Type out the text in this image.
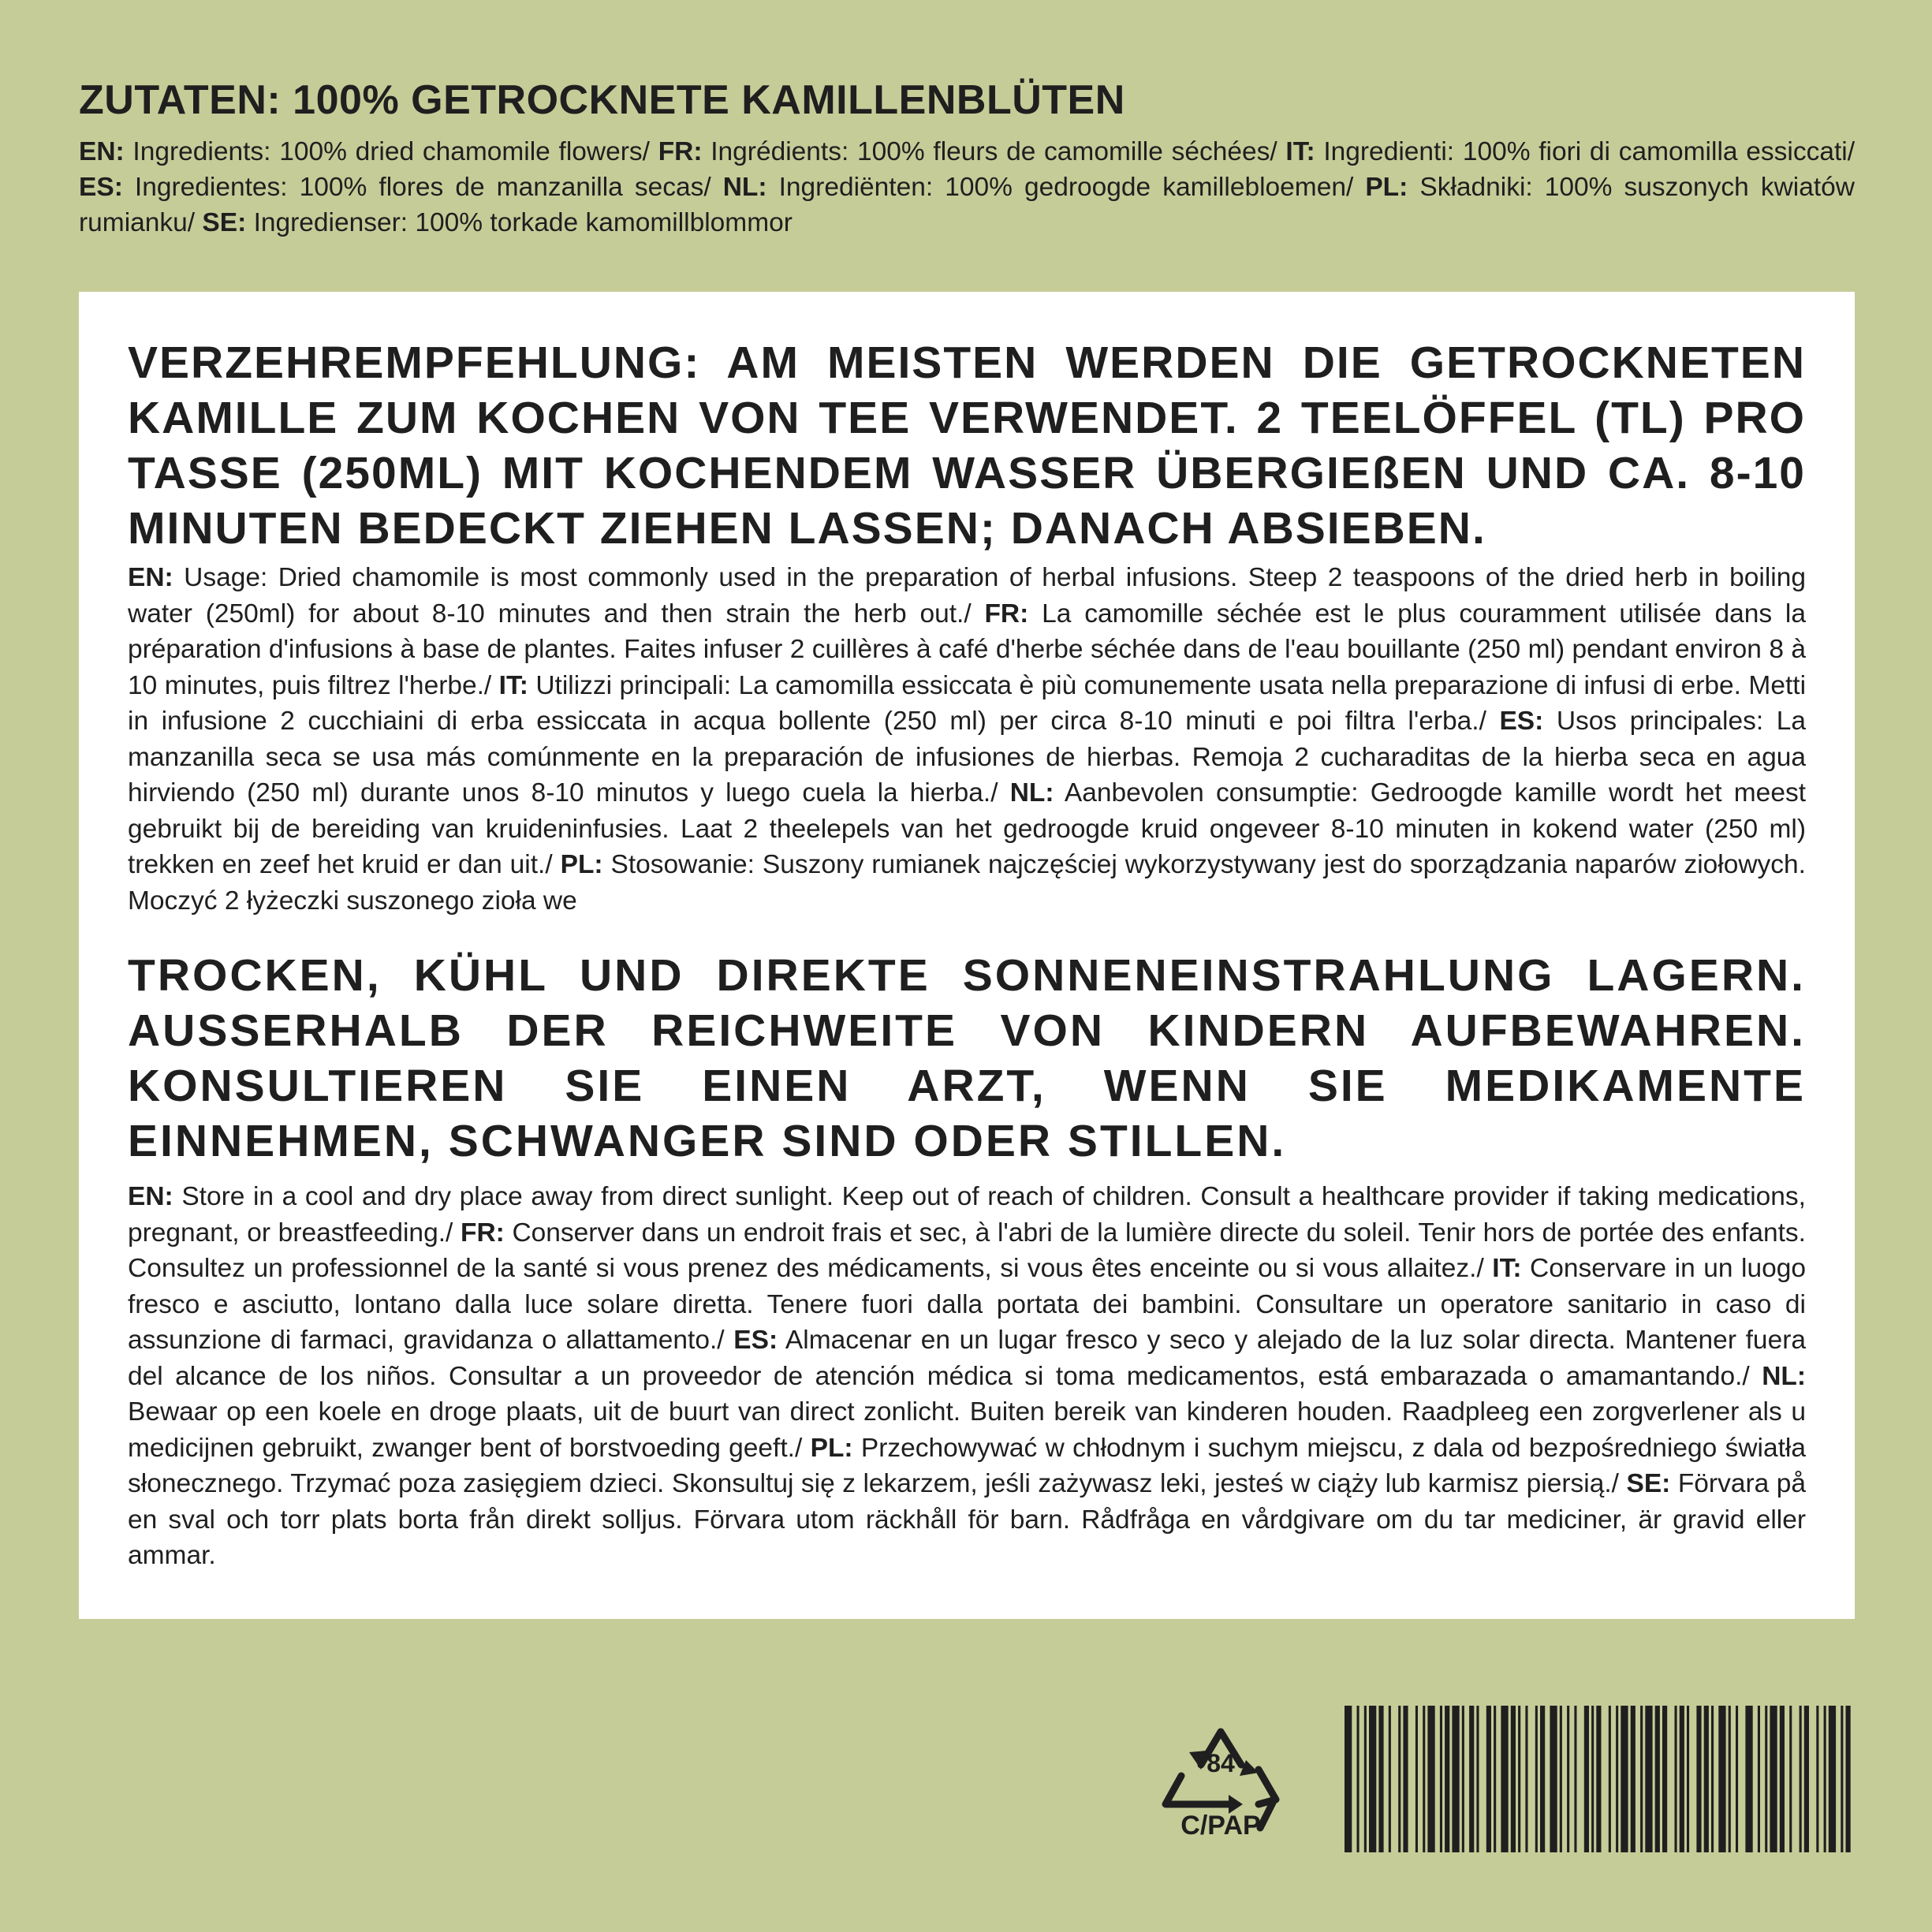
ZUTATEN: 100% GETROCKNETE KAMILLENBLÜTEN

EN: Ingredients: 100% dried chamomile flowers/ FR: Ingrédients: 100% fleurs de camomille séchées/ IT: Ingredienti: 100% fiori di camomilla essiccati/ ES: Ingredientes: 100% flores de manzanilla secas/ NL: Ingrediënten: 100% gedroogde kamillebloemen/ PL: Składniki: 100% suszonych kwiatów rumianku/ SE: Ingredienser: 100% torkade kamomillblommor

VERZEHREMPFEHLUNG: AM MEISTEN WERDEN DIE GETROCKNETEN KAMILLE ZUM KOCHEN VON TEE VERWENDET. 2 TEELÖFFEL (TL) PRO TASSE (250ML) MIT KOCHENDEM WASSER ÜBERGIEßEN UND CA. 8-10 MINUTEN BEDECKT ZIEHEN LASSEN; DANACH ABSIEBEN.

EN: Usage: Dried chamomile is most commonly used in the preparation of herbal infusions. Steep 2 teaspoons of the dried herb in boiling water (250ml) for about 8-10 minutes and then strain the herb out./ FR: La camomille séchée est le plus couramment utilisée dans la préparation d'infusions à base de plantes. Faites infuser 2 cuillères à café d'herbe séchée dans de l'eau bouillante (250 ml) pendant environ 8 à 10 minutes, puis filtrez l'herbe./ IT: Utilizzi principali: La camomilla essiccata è più comunemente usata nella preparazione di infusi di erbe. Metti in infusione 2 cucchiaini di erba essiccata in acqua bollente (250 ml) per circa 8-10 minuti e poi filtra l'erba./ ES: Usos principales: La manzanilla seca se usa más comúnmente en la preparación de infusiones de hierbas. Remoja 2 cucharaditas de la hierba seca en agua hirviendo (250 ml) durante unos 8-10 minutos y luego cuela la hierba./ NL: Aanbevolen consumptie: Gedroogde kamille wordt het meest gebruikt bij de bereiding van kruideninfusies. Laat 2 theelepels van het gedroogde kruid ongeveer 8-10 minuten in kokend water (250 ml) trekken en zeef het kruid er dan uit./ PL: Stosowanie: Suszony rumianek najczęściej wykorzystywany jest do sporządzania naparów ziołowych. Moczyć 2 łyżeczki suszonego zioła we

TROCKEN, KÜHL UND DIREKTE SONNENEINSTRAHLUNG LAGERN. AUSSERHALB DER REICHWEITE VON KINDERN AUFBEWAHREN. KONSULTIEREN SIE EINEN ARZT, WENN SIE MEDIKAMENTE EINNEHMEN, SCHWANGER SIND ODER STILLEN.

EN: Store in a cool and dry place away from direct sunlight. Keep out of reach of children. Consult a healthcare provider if taking medications, pregnant, or breastfeeding./ FR: Conserver dans un endroit frais et sec, à l'abri de la lumière directe du soleil. Tenir hors de portée des enfants. Consultez un professionnel de la santé si vous prenez des médicaments, si vous êtes enceinte ou si vous allaitez./ IT: Conservare in un luogo fresco e asciutto, lontano dalla luce solare diretta. Tenere fuori dalla portata dei bambini. Consultare un operatore sanitario in caso di assunzione di farmaci, gravidanza o allattamento./ ES: Almacenar en un lugar fresco y seco y alejado de la luz solar directa. Mantener fuera del alcance de los niños. Consultar a un proveedor de atención médica si toma medicamentos, está embarazada o amamantando./ NL: Bewaar op een koele en droge plaats, uit de buurt van direct zonlicht. Buiten bereik van kinderen houden. Raadpleeg een zorgverlener als u medicijnen gebruikt, zwanger bent of borstvoeding geeft./ PL: Przechowywać w chłodnym i suchym miejscu, z dala od bezpośredniego światła słonecznego. Trzymać poza zasięgiem dzieci. Skonsultuj się z lekarzem, jeśli zażywasz leki, jesteś w ciąży lub karmisz piersią./ SE: Förvara på en sval och torr plats borta från direkt solljus. Förvara utom räckhåll för barn. Rådfråga en vårdgivare om du tar mediciner, är gravid eller ammar.

84
C/PAP
